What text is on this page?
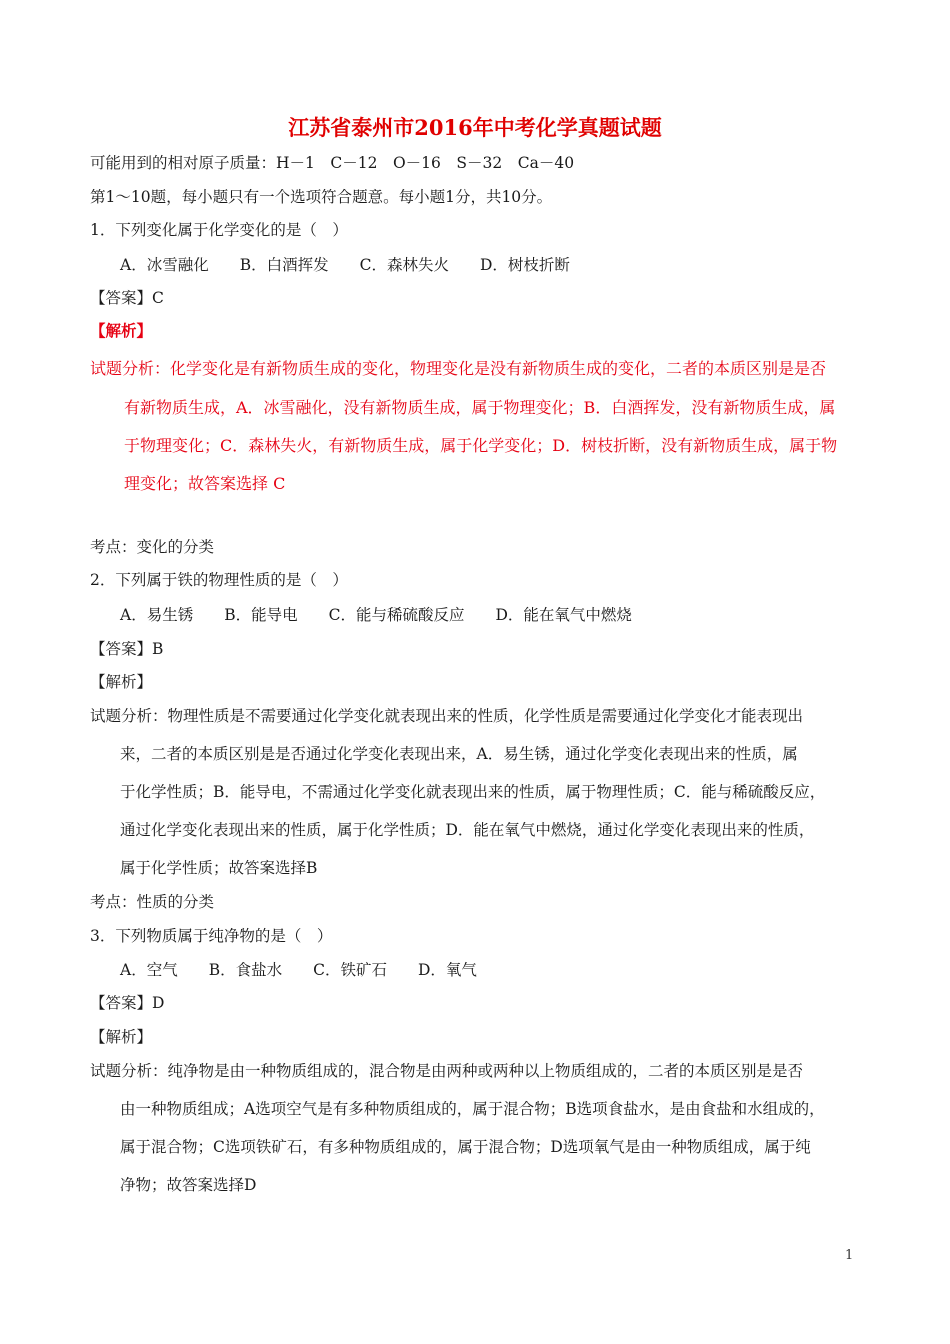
江苏省泰州市2016年中考化学真题试题
可能用到的相对原子质量：H－1　C－12　O－16　S－32　Ca－40
第1～10题，每小题只有一个选项符合题意。每小题1分，共10分。
1．下列变化属于化学变化的是（　）
A．冰雪融化　　B．白酒挥发　　C．森林失火　　D．树枝折断
【答案】C
【解析】
试题分析：化学变化是有新物质生成的变化，物理变化是没有新物质生成的变化，二者的本质区别是是否
有新物质生成，A．冰雪融化，没有新物质生成，属于物理变化；B．白酒挥发，没有新物质生成，属
于物理变化；C．森林失火，有新物质生成，属于化学变化；D．树枝折断，没有新物质生成，属于物
理变化；故答案选择 C
考点：变化的分类
2．下列属于铁的物理性质的是（　）
A．易生锈　　B．能导电　　C．能与稀硫酸反应　　D．能在氧气中燃烧
【答案】B
【解析】
试题分析：物理性质是不需要通过化学变化就表现出来的性质，化学性质是需要通过化学变化才能表现出
来，二者的本质区别是是否通过化学变化表现出来，A．易生锈，通过化学变化表现出来的性质，属
于化学性质；B．能导电，不需通过化学变化就表现出来的性质，属于物理性质；C．能与稀硫酸反应，
通过化学变化表现出来的性质，属于化学性质；D．能在氧气中燃烧，通过化学变化表现出来的性质，
属于化学性质；故答案选择B
考点：性质的分类
3．下列物质属于纯净物的是（　）
A．空气　　B．食盐水　　C．铁矿石　　D．氧气
【答案】D
【解析】
试题分析：纯净物是由一种物质组成的，混合物是由两种或两种以上物质组成的，二者的本质区别是是否
由一种物质组成；A选项空气是有多种物质组成的，属于混合物；B选项食盐水，是由食盐和水组成的，
属于混合物；C选项铁矿石，有多种物质组成的，属于混合物；D选项氧气是由一种物质组成，属于纯
净物；故答案选择D
1
